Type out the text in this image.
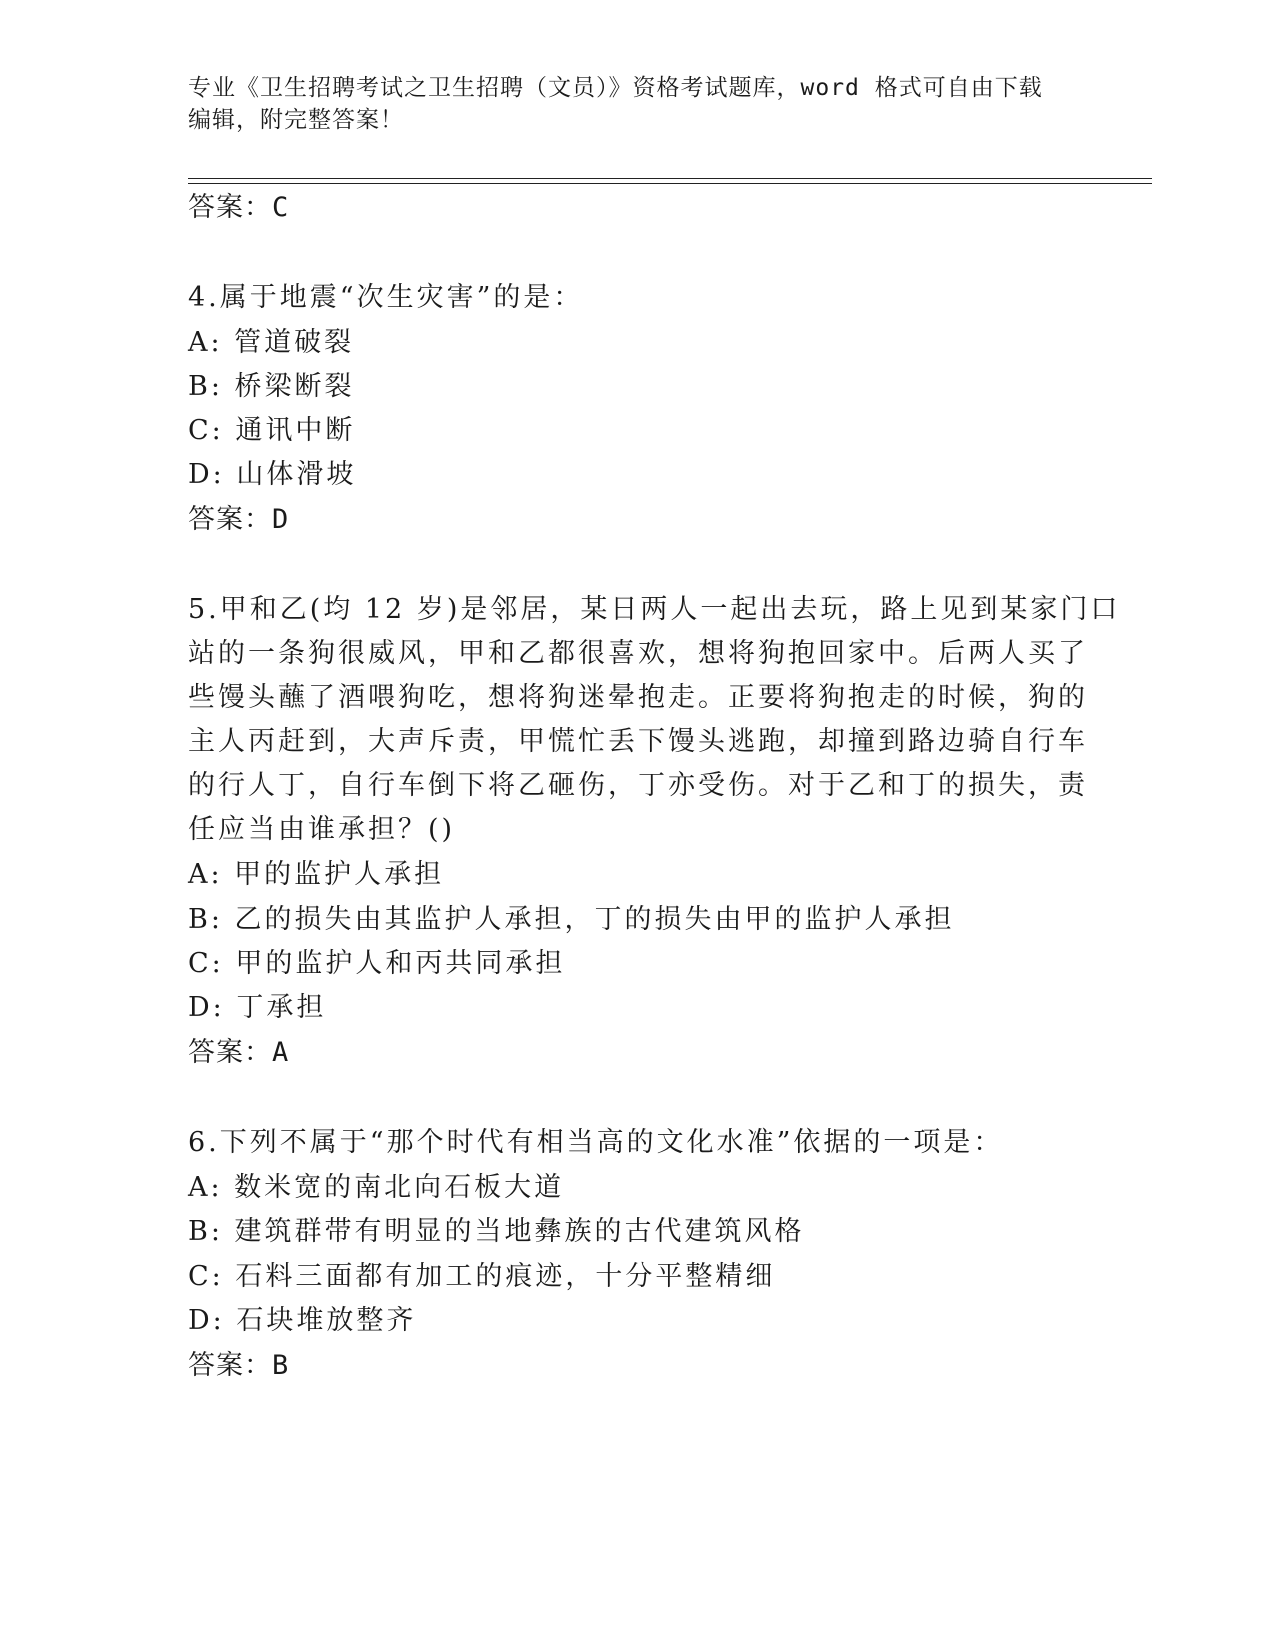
专业《卫生招聘考试之卫生招聘（文员）》资格考试题库，word 格式可自由下载
编辑，附完整答案！
答案：C
4.属于地震“次生灾害”的是：
A: 管道破裂
B: 桥梁断裂
C: 通讯中断
D: 山体滑坡
答案：D
5.甲和乙(均 12 岁)是邻居，某日两人一起出去玩，路上见到某家门口
站的一条狗很威风，甲和乙都很喜欢，想将狗抱回家中。后两人买了
些馒头蘸了酒喂狗吃，想将狗迷晕抱走。正要将狗抱走的时候，狗的
主人丙赶到，大声斥责，甲慌忙丢下馒头逃跑，却撞到路边骑自行车
的行人丁，自行车倒下将乙砸伤，丁亦受伤。对于乙和丁的损失，责
任应当由谁承担？()
A: 甲的监护人承担
B: 乙的损失由其监护人承担，丁的损失由甲的监护人承担
C: 甲的监护人和丙共同承担
D: 丁承担
答案：A
6.下列不属于“那个时代有相当高的文化水准”依据的一项是：
A: 数米宽的南北向石板大道
B: 建筑群带有明显的当地彝族的古代建筑风格
C: 石料三面都有加工的痕迹，十分平整精细
D: 石块堆放整齐
答案：B
